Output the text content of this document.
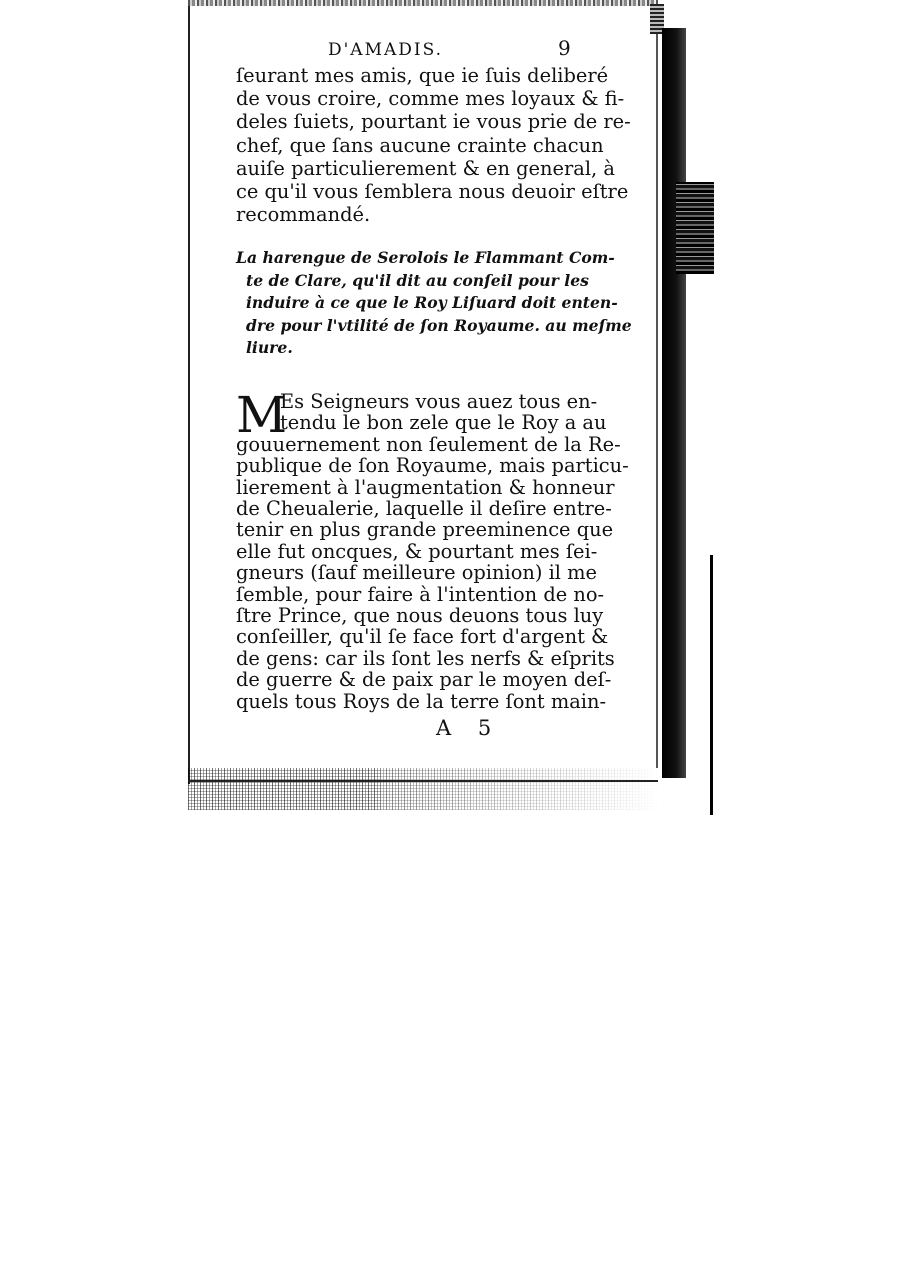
D'AMADIS.	9
ſeurant mes amis, que ie ſuis deliberé
de vous croire, comme mes loyaux & fi-
deles ſuiets, pourtant ie vous prie de re-
chef, que ſans aucune crainte chacun
auiſe particulierement & en general, à
ce qu'il vous ſemblera nous deuoir eſtre
recommandé.
La harengue de Serolois le Flammant Com-
te de Clare, qu'il dit au conſeil pour les
induire à ce que le Roy Liſuard doit enten-
dre pour l'vtilité de ſon Royaume. au meſme
liure.
M
Es Seigneurs vous auez tous en-
tendu le bon zele que le Roy a au
gouuernement non ſeulement de la Re-
publique de ſon Royaume, mais particu-
lierement à l'augmentation & honneur
de Cheualerie, laquelle il deſire entre-
tenir en plus grande preeminence que
elle fut oncques, & pourtant mes ſei-
gneurs (ſauf meilleure opinion) il me
ſemble, pour faire à l'intention de no-
ſtre Prince, que nous deuons tous luy
conſeiller, qu'il ſe face fort d'argent &
de gens: car ils ſont les nerfs & eſprits
de guerre & de paix par le moyen deſ-
quels tous Roys de la terre ſont main-
A 5
